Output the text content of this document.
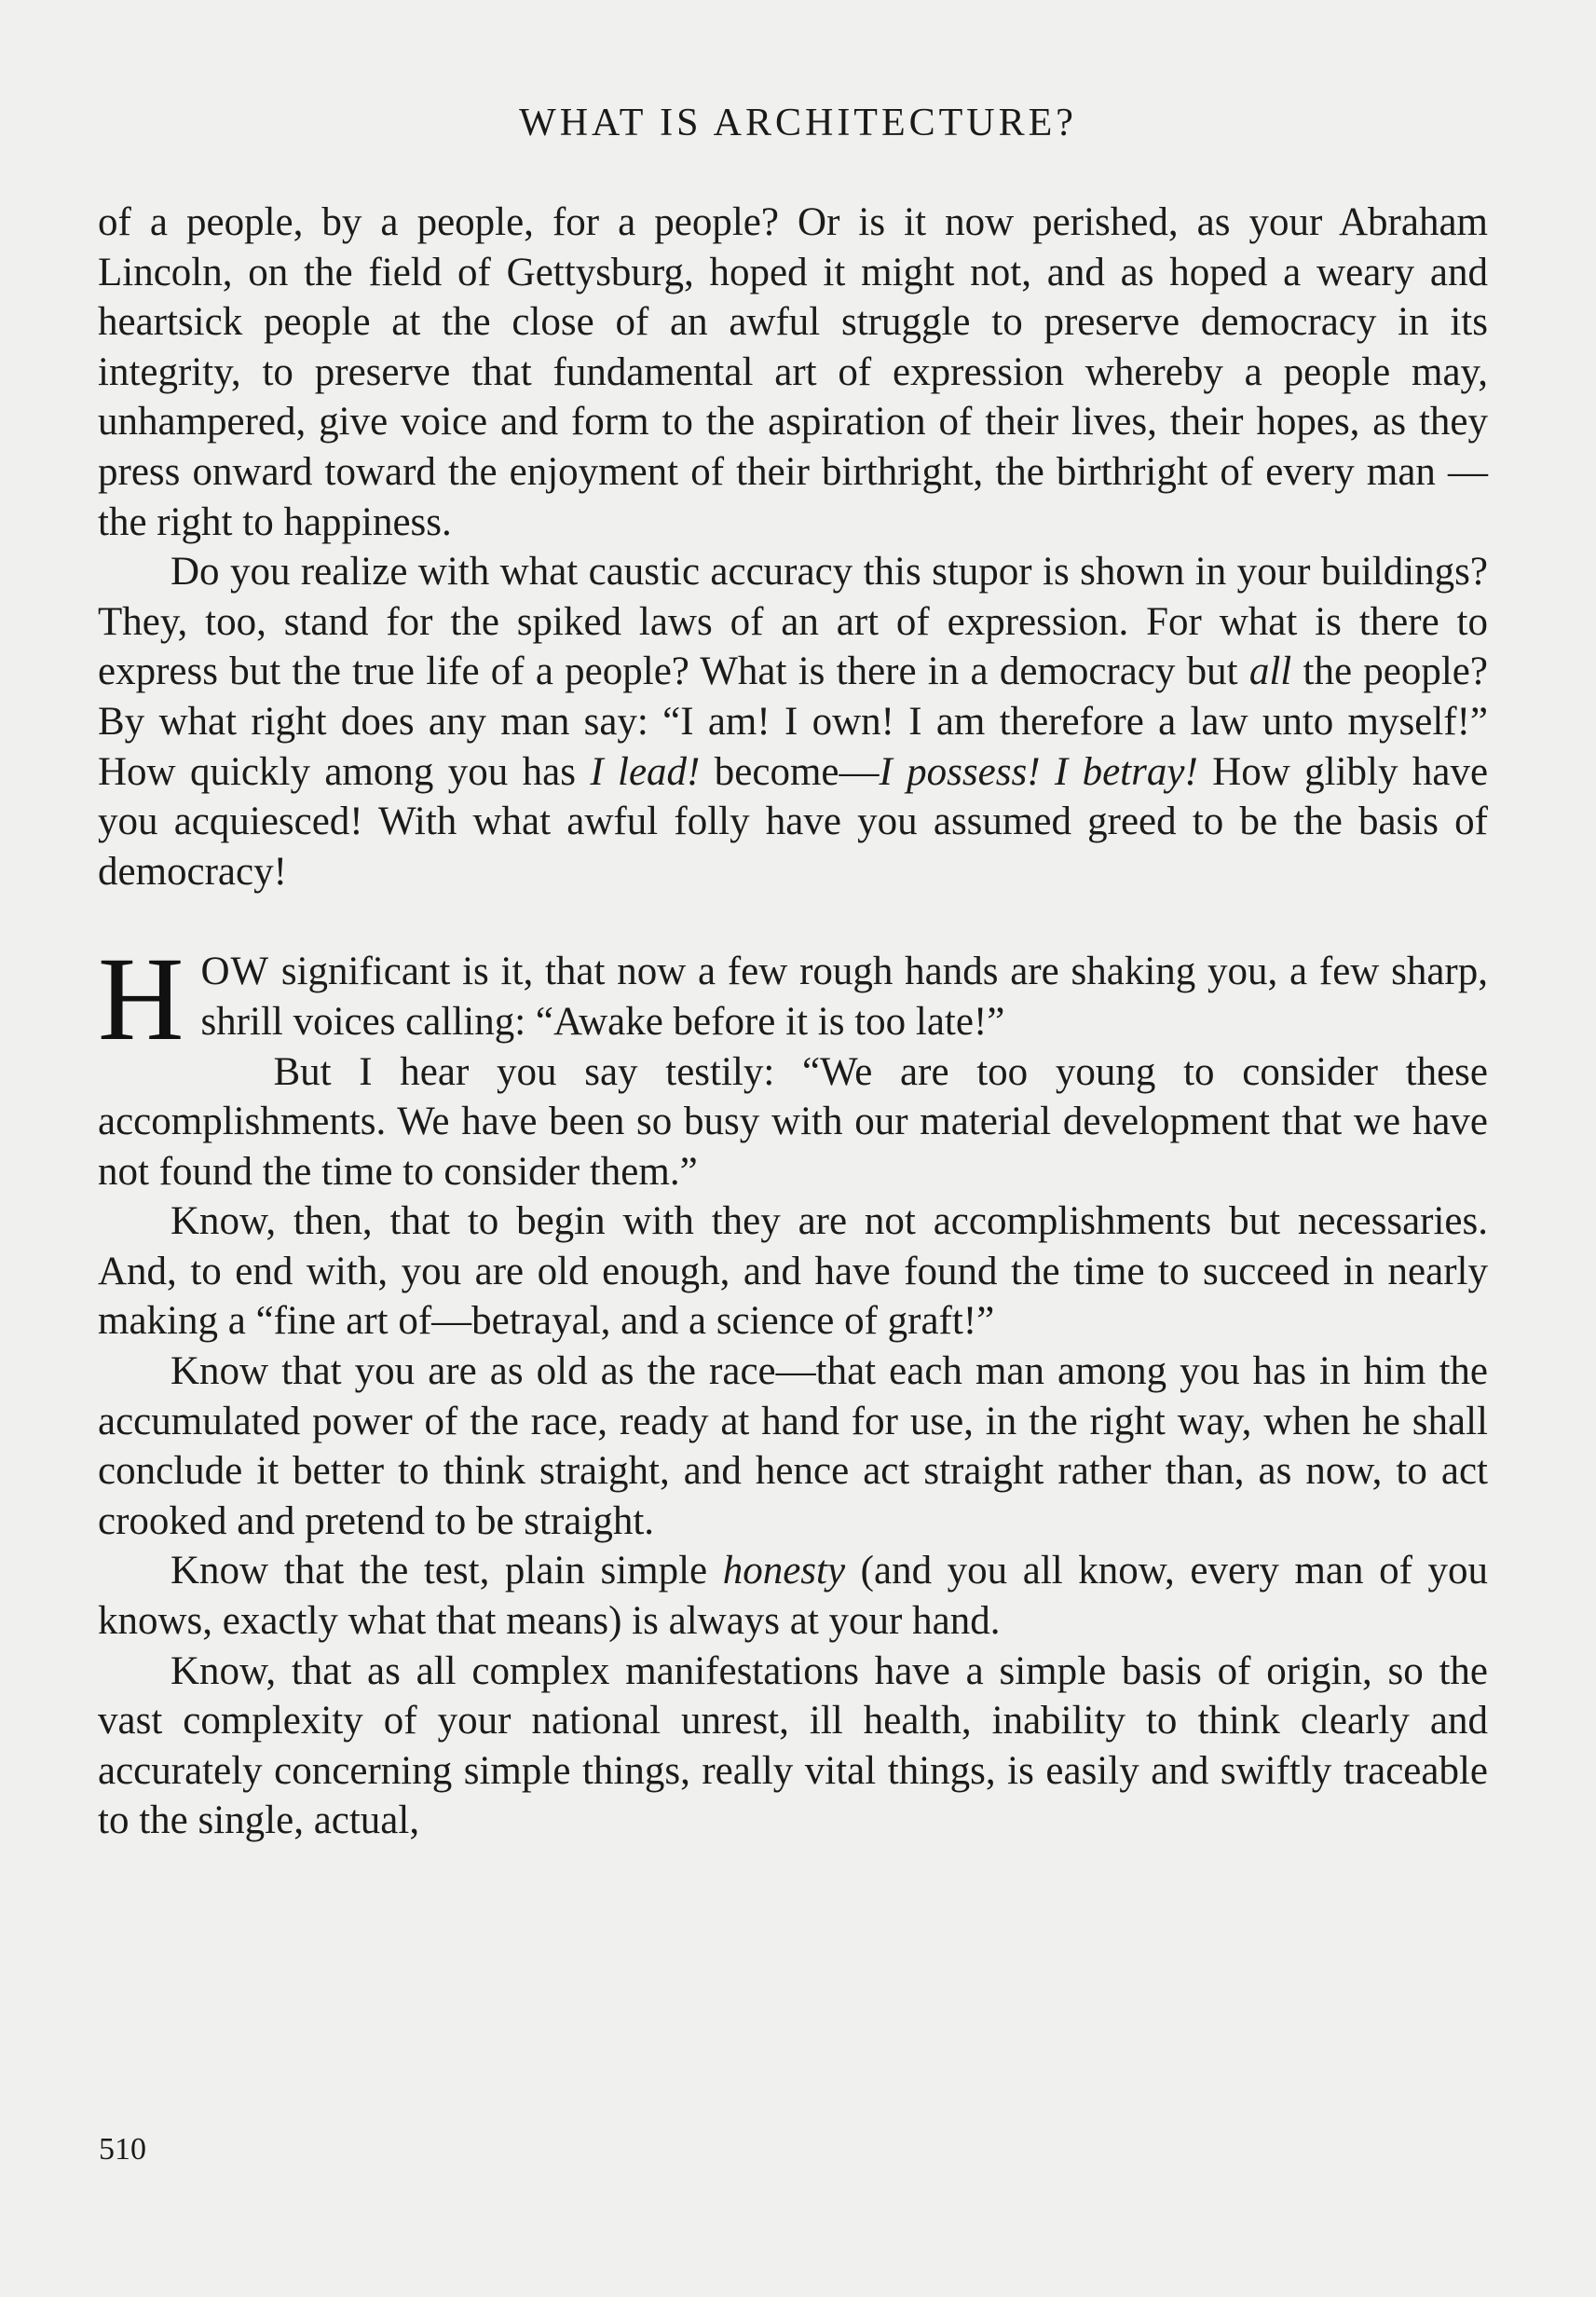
WHAT IS ARCHITECTURE?

of a people, by a people, for a people? Or is it now perished, as your Abraham Lincoln, on the field of Gettysburg, hoped it might not, and as hoped a weary and heartsick people at the close of an awful struggle to preserve democracy in its integrity, to preserve that fundamental art of expression whereby a people may, unhampered, give voice and form to the aspiration of their lives, their hopes, as they press onward toward the enjoyment of their birthright, the birthright of every man —the right to happiness.

Do you realize with what caustic accuracy this stupor is shown in your buildings? They, too, stand for the spiked laws of an art of expression. For what is there to express but the true life of a people? What is there in a democracy but all the people? By what right does any man say: “I am! I own! I am therefore a law unto myself!” How quickly among you has I lead! become—I possess! I betray! How glibly have you acquiesced! With what awful folly have you assumed greed to be the basis of democracy!

HOW significant is it, that now a few rough hands are shaking you, a few sharp, shrill voices calling: “Awake before it is too late!”

But I hear you say testily: “We are too young to consider these accomplishments. We have been so busy with our material development that we have not found the time to consider them.”

Know, then, that to begin with they are not accomplishments but necessaries. And, to end with, you are old enough, and have found the time to succeed in nearly making a “fine art of—betrayal, and a science of graft!”

Know that you are as old as the race—that each man among you has in him the accumulated power of the race, ready at hand for use, in the right way, when he shall conclude it better to think straight, and hence act straight rather than, as now, to act crooked and pretend to be straight.

Know that the test, plain simple honesty (and you all know, every man of you knows, exactly what that means) is always at your hand.

Know, that as all complex manifestations have a simple basis of origin, so the vast complexity of your national unrest, ill health, inability to think clearly and accurately concerning simple things, really vital things, is easily and swiftly traceable to the single, actual,

510
